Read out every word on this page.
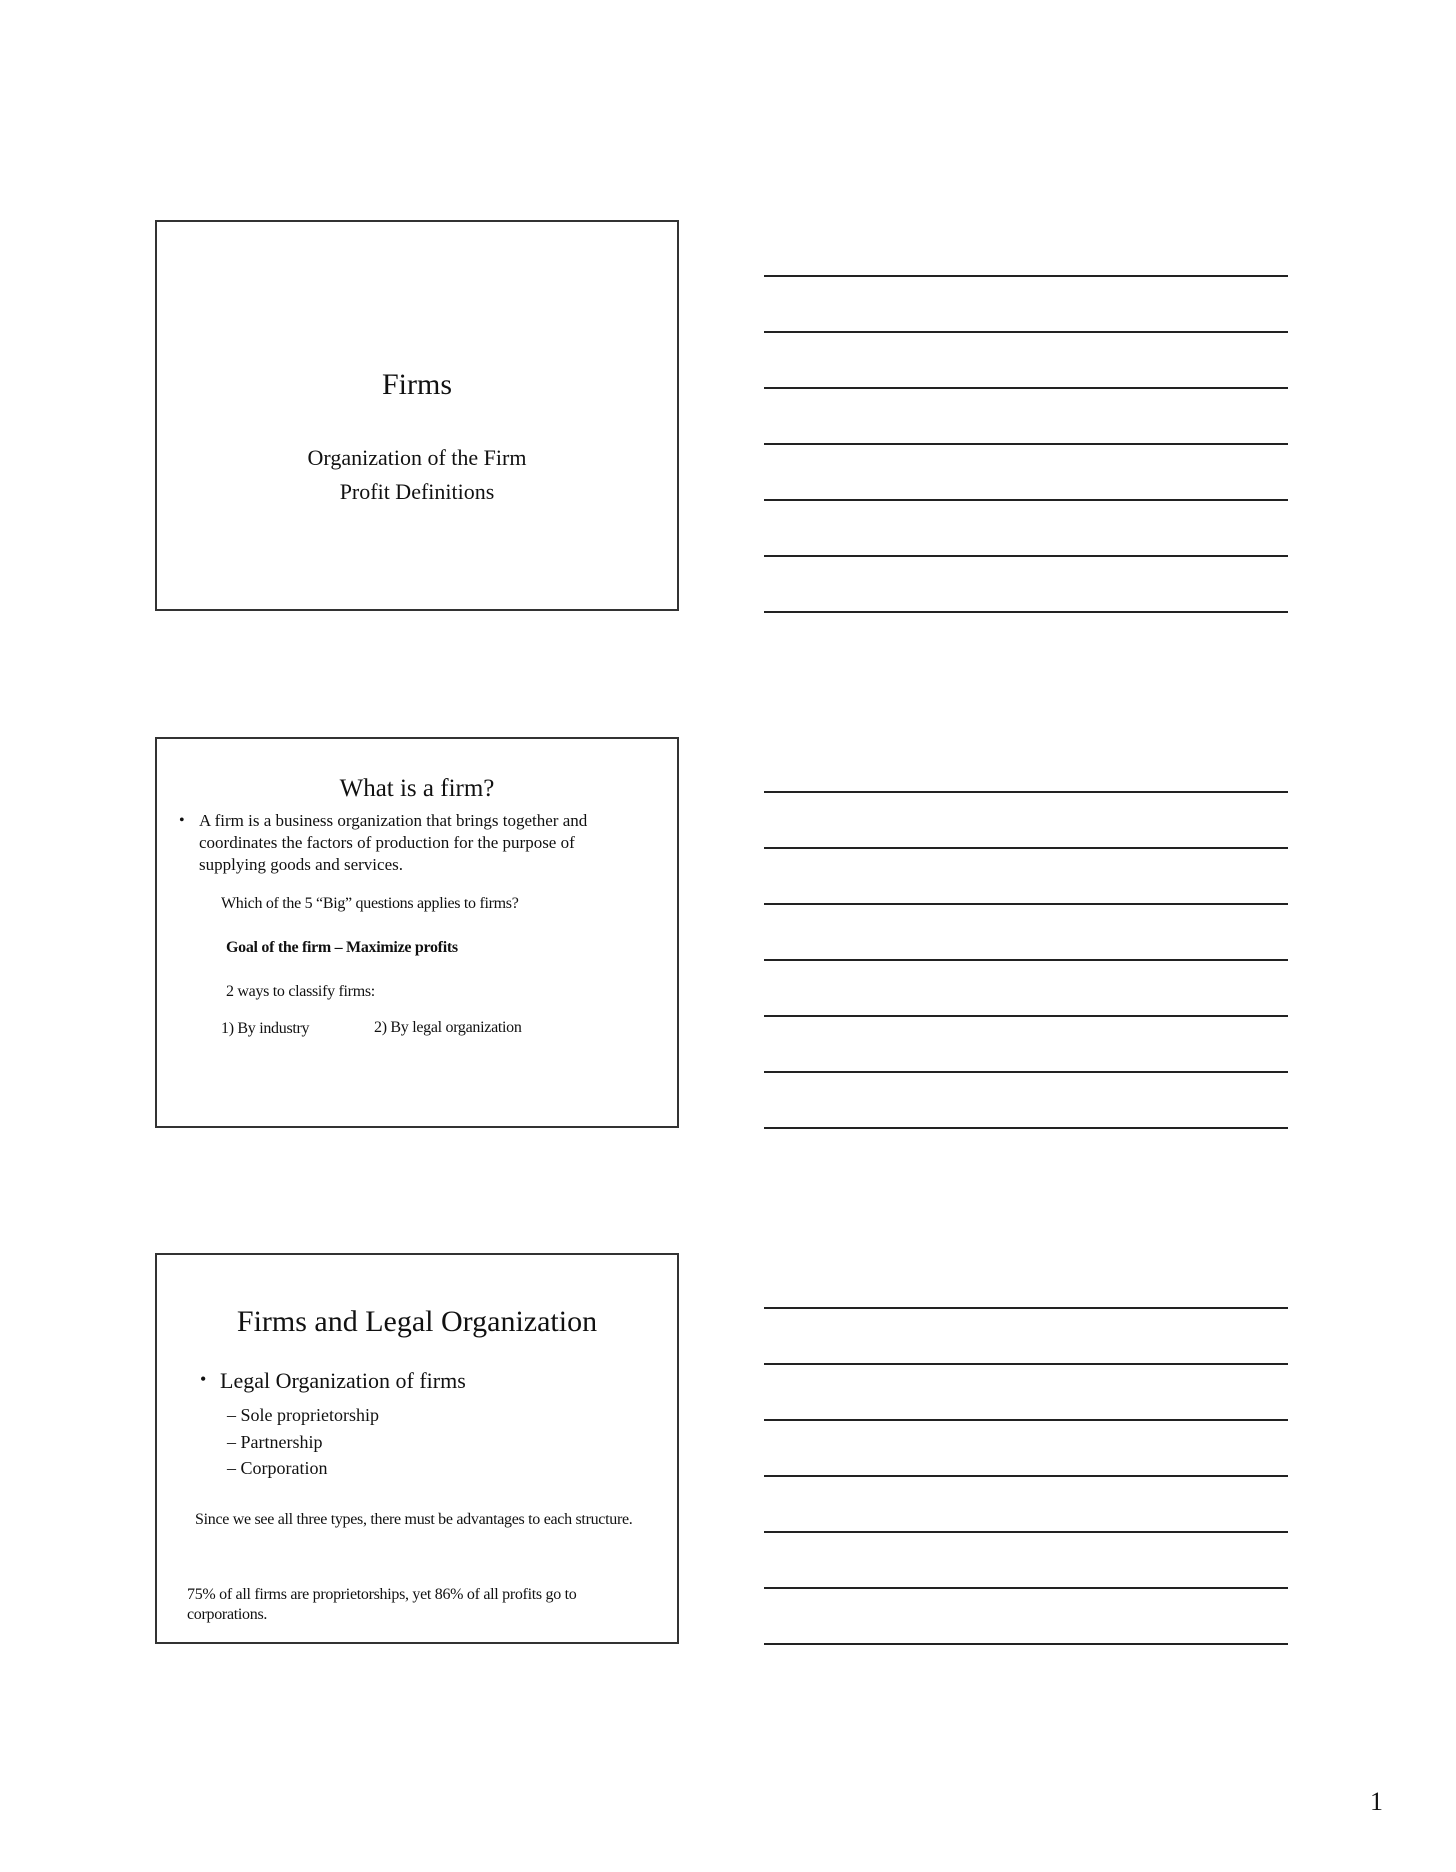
Firms
Organization of the Firm
Profit Definitions
What is a firm?
• A firm is a business organization that brings together and coordinates the factors of production for the purpose of supplying goods and services.
Which of the 5 “Big” questions applies to firms?
Goal of the firm – Maximize profits
2 ways to classify firms:
1) By industry	2) By legal organization
Firms and Legal Organization
• Legal Organization of firms
– Sole proprietorship
– Partnership
– Corporation
Since we see all three types, there must be advantages to each structure.
75% of all firms are proprietorships, yet 86% of all profits go to corporations.
1
